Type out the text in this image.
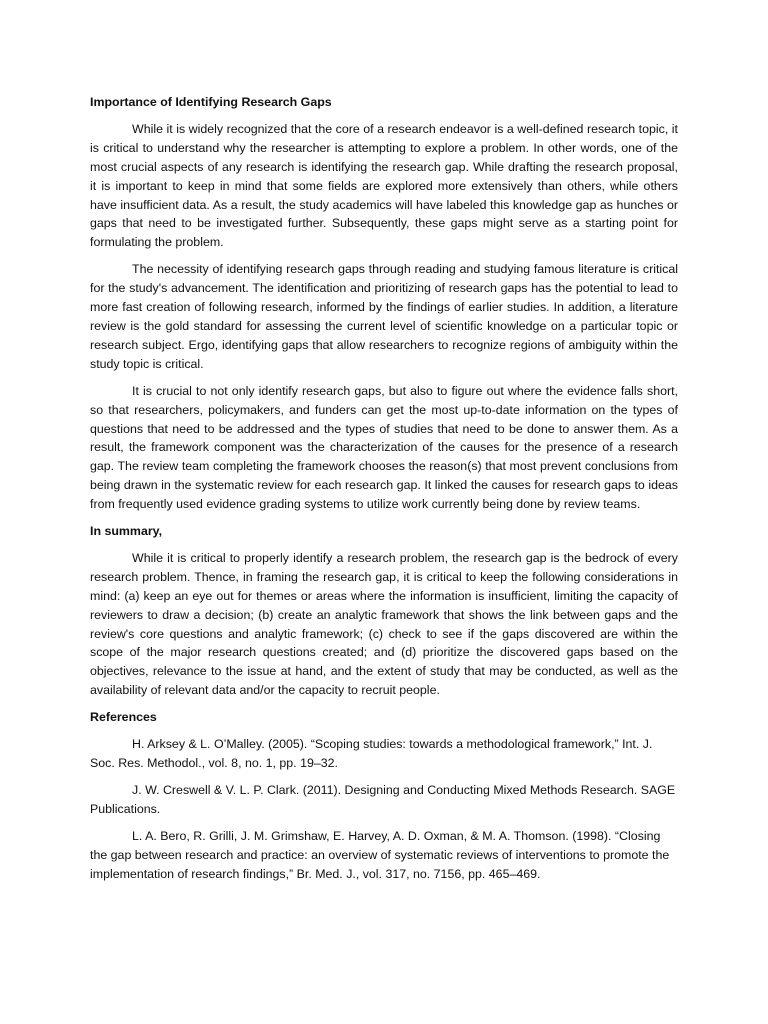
Importance of Identifying Research Gaps

While it is widely recognized that the core of a research endeavor is a well-defined research topic, it is critical to understand why the researcher is attempting to explore a problem. In other words, one of the most crucial aspects of any research is identifying the research gap. While drafting the research proposal, it is important to keep in mind that some fields are explored more extensively than others, while others have insufficient data. As a result, the study academics will have labeled this knowledge gap as hunches or gaps that need to be investigated further. Subsequently, these gaps might serve as a starting point for formulating the problem.

The necessity of identifying research gaps through reading and studying famous literature is critical for the study's advancement. The identification and prioritizing of research gaps has the potential to lead to more fast creation of following research, informed by the findings of earlier studies. In addition, a literature review is the gold standard for assessing the current level of scientific knowledge on a particular topic or research subject. Ergo, identifying gaps that allow researchers to recognize regions of ambiguity within the study topic is critical.

It is crucial to not only identify research gaps, but also to figure out where the evidence falls short, so that researchers, policymakers, and funders can get the most up-to-date information on the types of questions that need to be addressed and the types of studies that need to be done to answer them. As a result, the framework component was the characterization of the causes for the presence of a research gap. The review team completing the framework chooses the reason(s) that most prevent conclusions from being drawn in the systematic review for each research gap. It linked the causes for research gaps to ideas from frequently used evidence grading systems to utilize work currently being done by review teams.

In summary,

While it is critical to properly identify a research problem, the research gap is the bedrock of every research problem. Thence, in framing the research gap, it is critical to keep the following considerations in mind: (a) keep an eye out for themes or areas where the information is insufficient, limiting the capacity of reviewers to draw a decision; (b) create an analytic framework that shows the link between gaps and the review's core questions and analytic framework; (c) check to see if the gaps discovered are within the scope of the major research questions created; and (d) prioritize the discovered gaps based on the objectives, relevance to the issue at hand, and the extent of study that may be conducted, as well as the availability of relevant data and/or the capacity to recruit people.

References

H. Arksey & L. O’Malley. (2005). “Scoping studies: towards a methodological framework,” Int. J. Soc. Res. Methodol., vol. 8, no. 1, pp. 19–32.

J. W. Creswell & V. L. P. Clark. (2011). Designing and Conducting Mixed Methods Research. SAGE Publications.

L. A. Bero, R. Grilli, J. M. Grimshaw, E. Harvey, A. D. Oxman, & M. A. Thomson. (1998). “Closing the gap between research and practice: an overview of systematic reviews of interventions to promote the implementation of research findings,” Br. Med. J., vol. 317, no. 7156, pp. 465–469.
